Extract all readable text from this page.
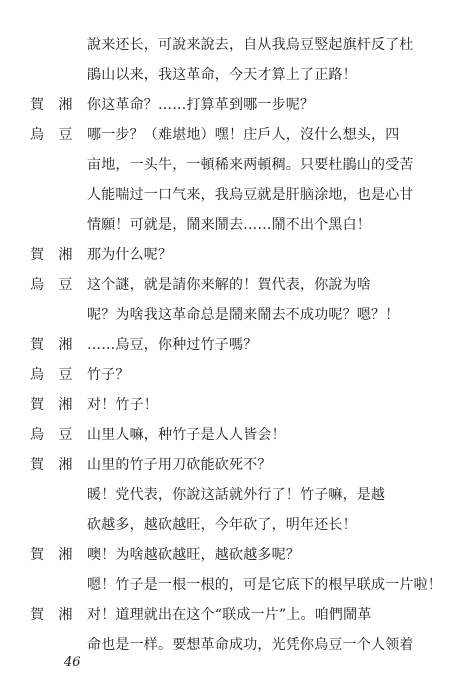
說来还长，可說来說去，自从我烏豆竪起旗杆反了杜
鵑山以来，我这革命，今天才算上了正路！
賀　湘 你这革命？……打算革到哪一步呢？
烏　豆 哪一步？（难堪地）嘿！庄戶人，沒什么想头，四
亩地，一头牛，一頓稀来两頓稠。只要杜鵑山的受苦
人能喘过一口气来，我烏豆就是肝脑涂地，也是心甘
情願！可就是，鬧来鬧去……鬧不出个黑白！
賀　湘 那为什么呢？
烏　豆 这个謎，就是請你来解的！賀代表，你說为啥
呢？为啥我这革命总是鬧来鬧去不成功呢？嗯？！
賀　湘 ……烏豆，你种过竹子嗎？
烏　豆 竹子？
賀　湘 对！竹子！
烏　豆 山里人嘛，种竹子是人人皆会！
賀　湘 山里的竹子用刀砍能砍死不？
暖！党代表，你說这話就外行了！竹子嘛，是越
砍越多，越砍越旺，今年砍了，明年还长！
賀　湘 噢！为啥越砍越旺，越砍越多呢？
嗯！竹子是一根一根的，可是它底下的根早联成一片啦！
賀　湘 对！道理就出在这个“联成一片”上。咱們鬧革
命也是一样。要想革命成功，光凭你烏豆一个人领着
46
